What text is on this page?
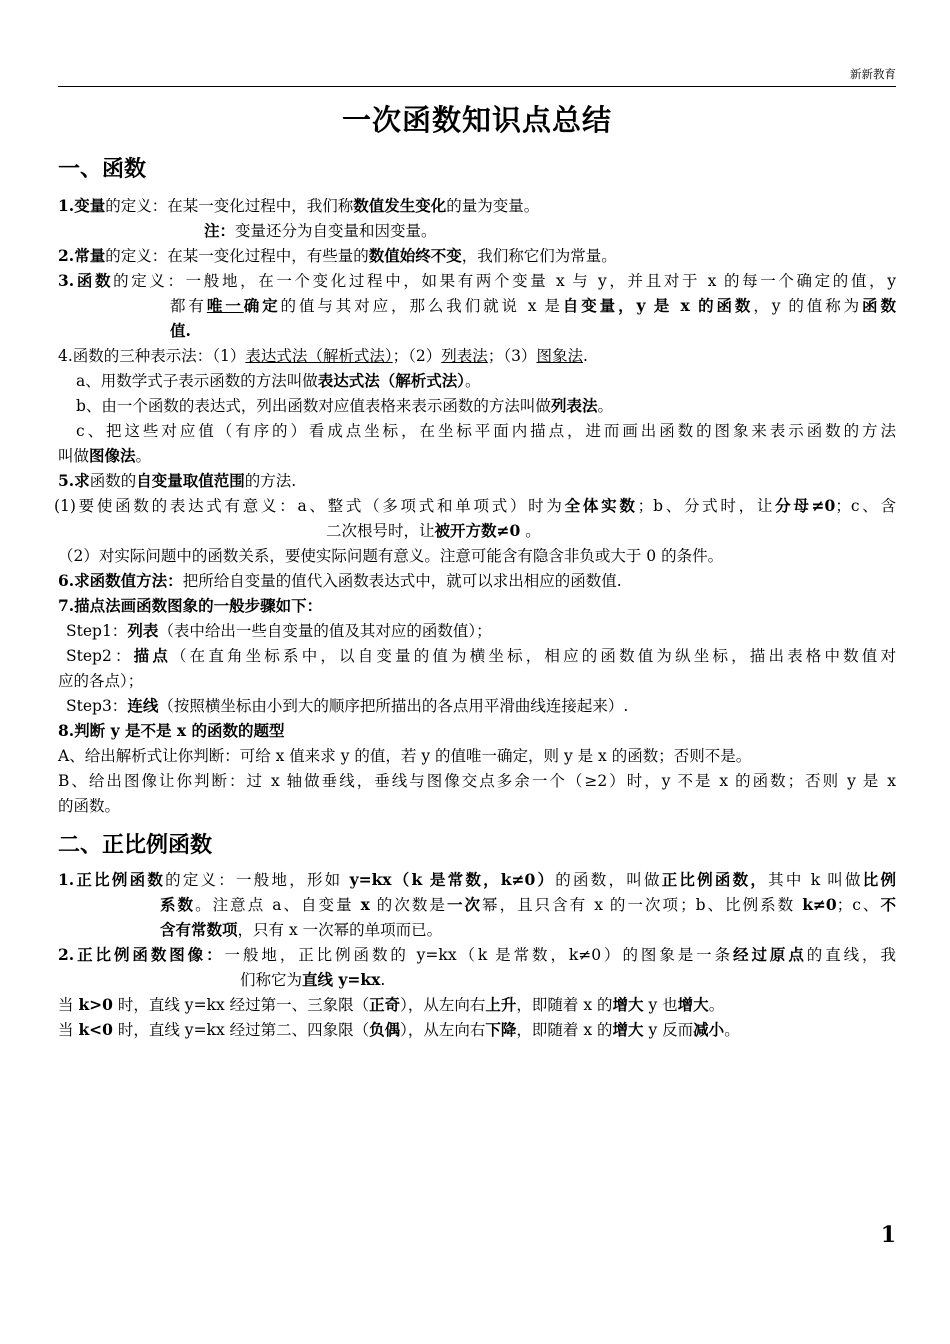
新新教育
一次函数知识点总结
一、函数
1.变量的定义：在某一变化过程中，我们称数值发生变化的量为变量。
注：变量还分为自变量和因变量。
2.常量的定义：在某一变化过程中，有些量的数值始终不变，我们称它们为常量。
3.函数的定义：一般地，在一个变化过程中，如果有两个变量 x 与 y，并且对于 x 的每一个确定的值，y
都有唯一确定的值与其对应，那么我们就说 x 是自变量，y 是 x 的函数，y 的值称为函数
值.
4.函数的三种表示法：（1）表达式法（解析式法）；（2）列表法；（3）图象法.
a、用数学式子表示函数的方法叫做表达式法（解析式法）。
b、由一个函数的表达式，列出函数对应值表格来表示函数的方法叫做列表法。
c、把这些对应值（有序的）看成点坐标，在坐标平面内描点，进而画出函数的图象来表示函数的方法
叫做图像法。
5.求函数的自变量取值范围的方法.
(1)要使函数的表达式有意义：a、整式（多项式和单项式）时为全体实数；b、分式时，让分母≠0；c、含
二次根号时，让被开方数≠0 。
（2）对实际问题中的函数关系，要使实际问题有意义。注意可能含有隐含非负或大于 0 的条件。
6.求函数值方法：把所给自变量的值代入函数表达式中，就可以求出相应的函数值.
7.描点法画函数图象的一般步骤如下：
Step1：列表（表中给出一些自变量的值及其对应的函数值）；
Step2：描点（在直角坐标系中，以自变量的值为横坐标，相应的函数值为纵坐标，描出表格中数值对
应的各点）；
Step3：连线（按照横坐标由小到大的顺序把所描出的各点用平滑曲线连接起来）.
8.判断 y 是不是 x 的函数的题型
A、给出解析式让你判断：可给 x 值来求 y 的值，若 y 的值唯一确定，则 y 是 x 的函数；否则不是。
B、给出图像让你判断：过 x 轴做垂线，垂线与图像交点多余一个（≥2）时，y 不是 x 的函数；否则 y 是 x
的函数。
二、正比例函数
1.正比例函数的定义：一般地，形如 y=kx（k 是常数，k≠0）的函数，叫做正比例函数，其中 k 叫做比例
系数。注意点 a、自变量 x 的次数是一次幂，且只含有 x 的一次项；b、比例系数 k≠0；c、不
含有常数项，只有 x 一次幂的单项而已。
2.正比例函数图像：一般地，正比例函数的 y=kx（k 是常数，k≠0）的图象是一条经过原点的直线，我
们称它为直线 y=kx.
当 k>0 时，直线 y=kx 经过第一、三象限（正奇），从左向右上升，即随着 x 的增大 y 也增大。
当 k<0 时，直线 y=kx 经过第二、四象限（负偶），从左向右下降，即随着 x 的增大 y 反而减小。
1
